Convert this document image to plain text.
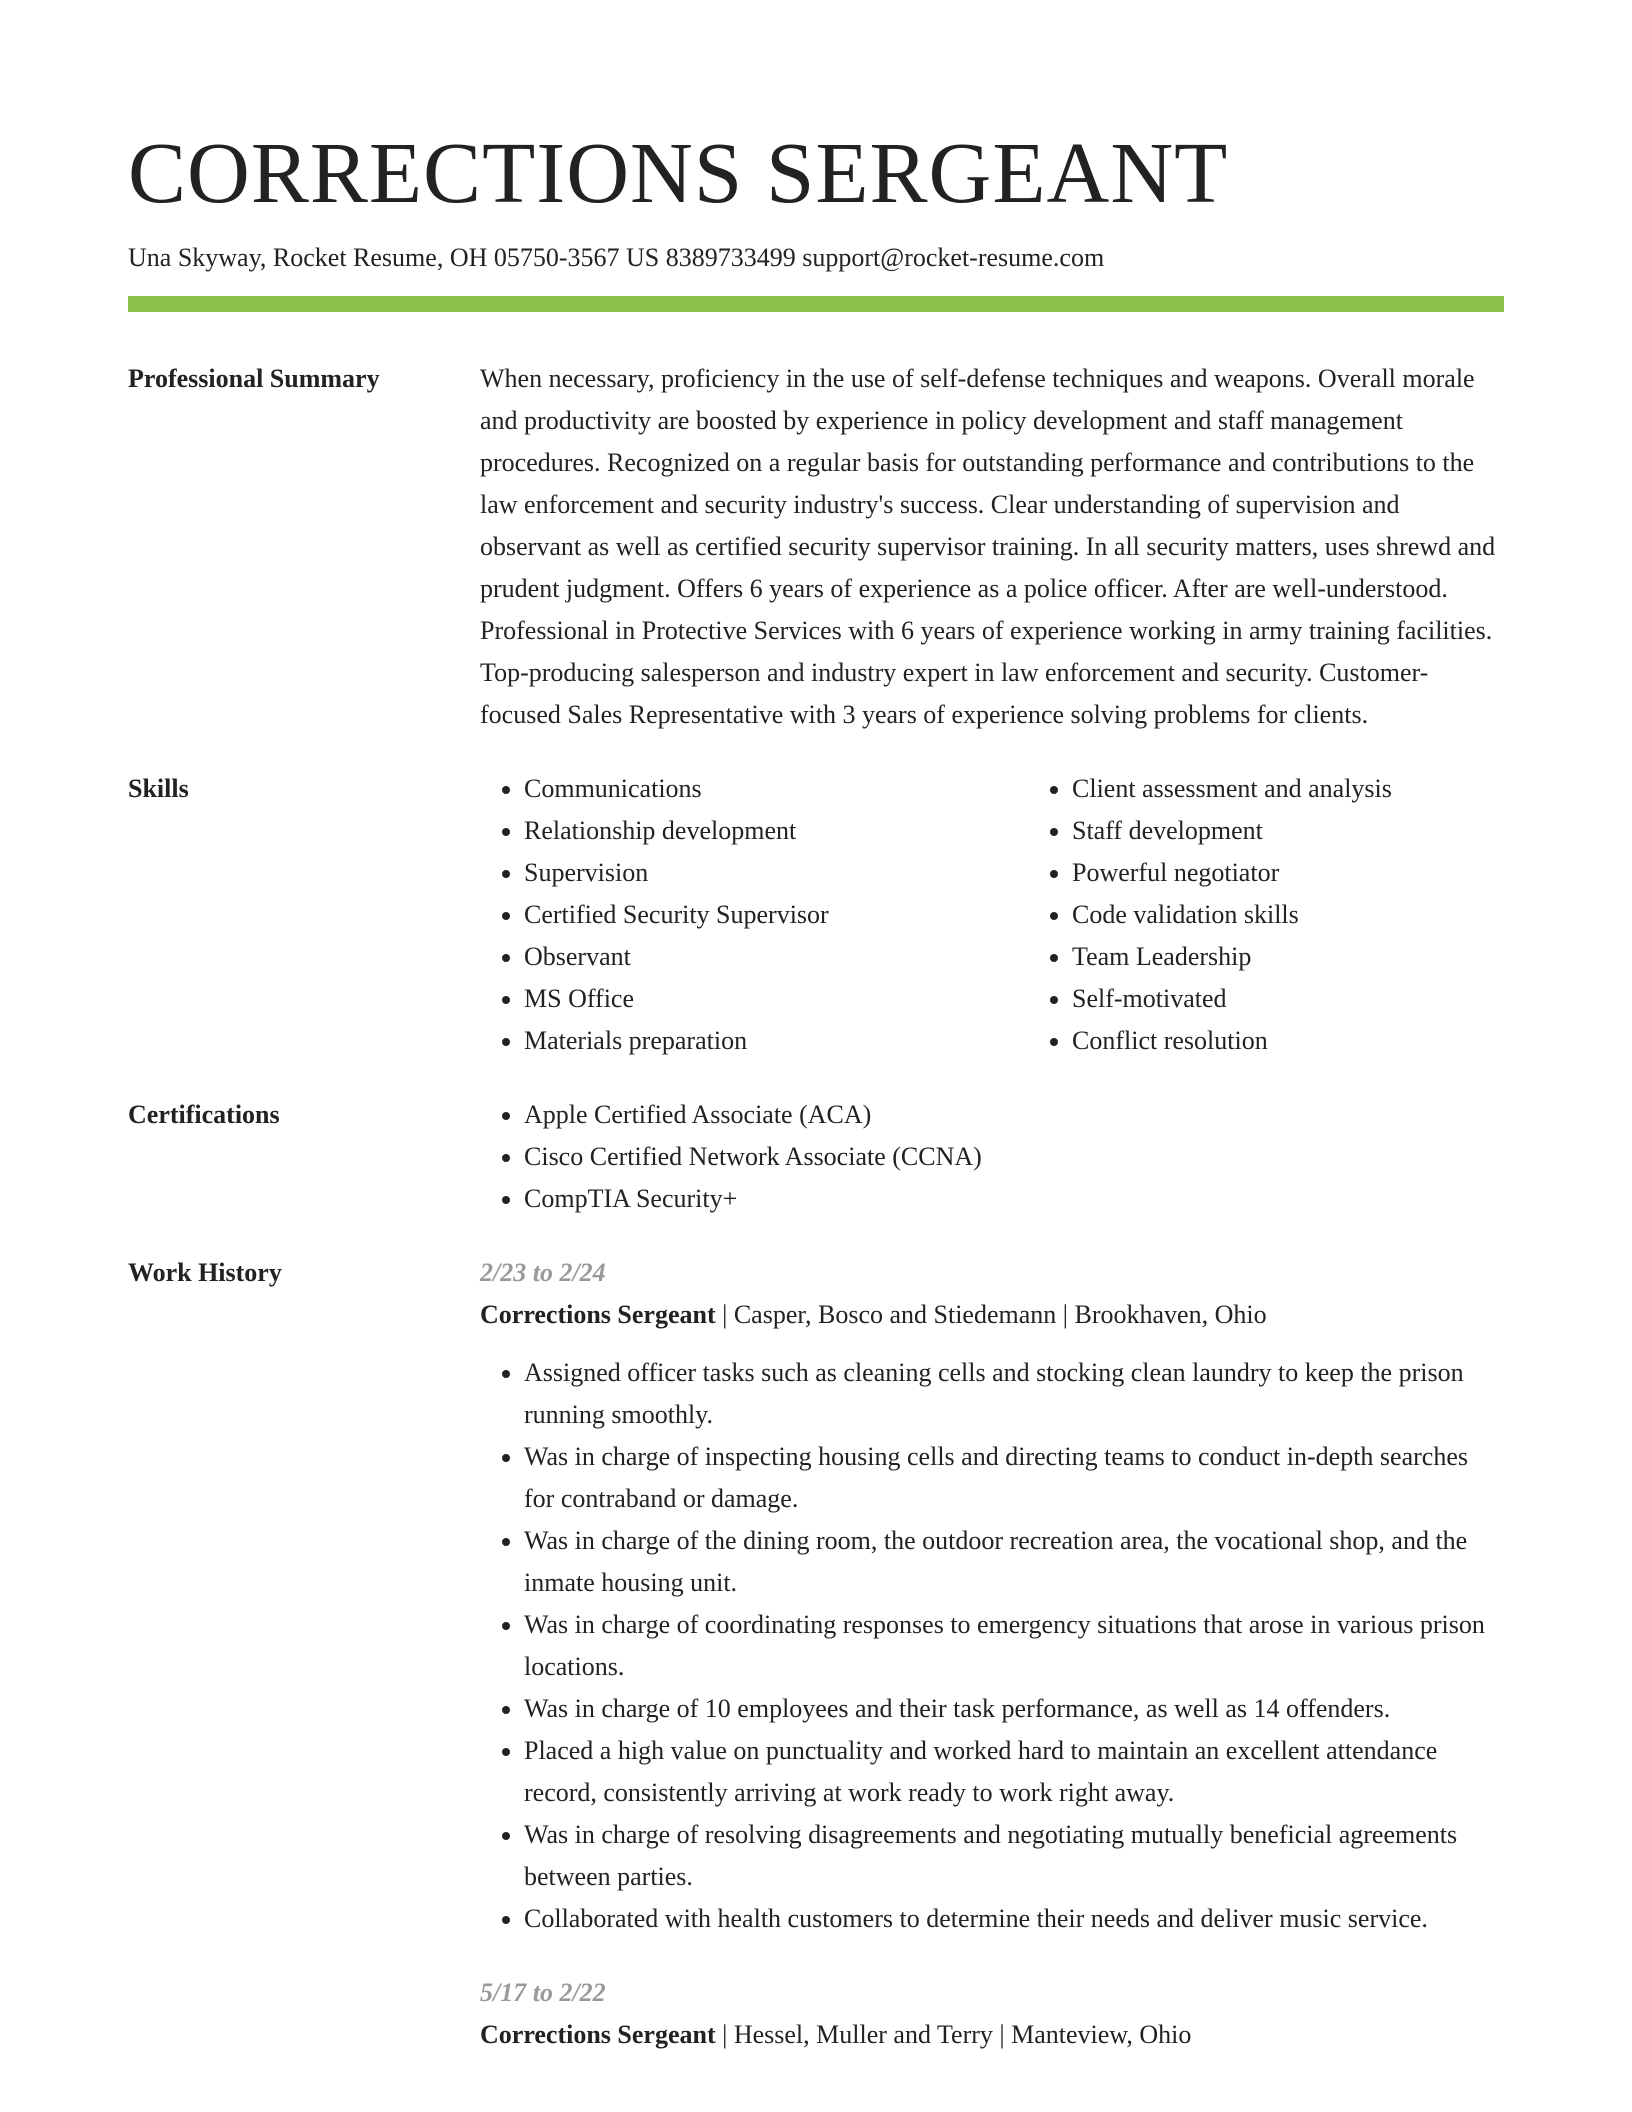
CORRECTIONS SERGEANT
Una Skyway, Rocket Resume, OH 05750-3567 US 8389733499 support@rocket-resume.com
Professional Summary	When necessary, proficiency in the use of self-defense techniques and weapons. Overall morale and productivity are boosted by experience in policy development and staff management procedures. Recognized on a regular basis for outstanding performance and contributions to the law enforcement and security industry's success. Clear understanding of supervision and observant as well as certified security supervisor training. In all security matters, uses shrewd and prudent judgment. Offers 6 years of experience as a police officer. After are well-understood. Professional in Protective Services with 6 years of experience working in army training facilities. Top-producing salesperson and industry expert in law enforcement and security. Customer-focused Sales Representative with 3 years of experience solving problems for clients.

Skills	• Communications
• Relationship development
• Supervision
• Certified Security Supervisor
• Observant
• MS Office
• Materials preparation
• Client assessment and analysis
• Staff development
• Powerful negotiator
• Code validation skills
• Team Leadership
• Self-motivated
• Conflict resolution
Certifications	• Apple Certified Associate (ACA)
• Cisco Certified Network Associate (CCNA)
• CompTIA Security+
Work History	2/23 to 2/24
Corrections Sergeant | Casper, Bosco and Stiedemann | Brookhaven, Ohio
• Assigned officer tasks such as cleaning cells and stocking clean laundry to keep the prison running smoothly.
• Was in charge of inspecting housing cells and directing teams to conduct in-depth searches for contraband or damage.
• Was in charge of the dining room, the outdoor recreation area, the vocational shop, and the inmate housing unit.
• Was in charge of coordinating responses to emergency situations that arose in various prison locations.
• Was in charge of 10 employees and their task performance, as well as 14 offenders.
• Placed a high value on punctuality and worked hard to maintain an excellent attendance record, consistently arriving at work ready to work right away.
• Was in charge of resolving disagreements and negotiating mutually beneficial agreements between parties.
• Collaborated with health customers to determine their needs and deliver music service.
5/17 to 2/22
Corrections Sergeant | Hessel, Muller and Terry | Manteview, Ohio
